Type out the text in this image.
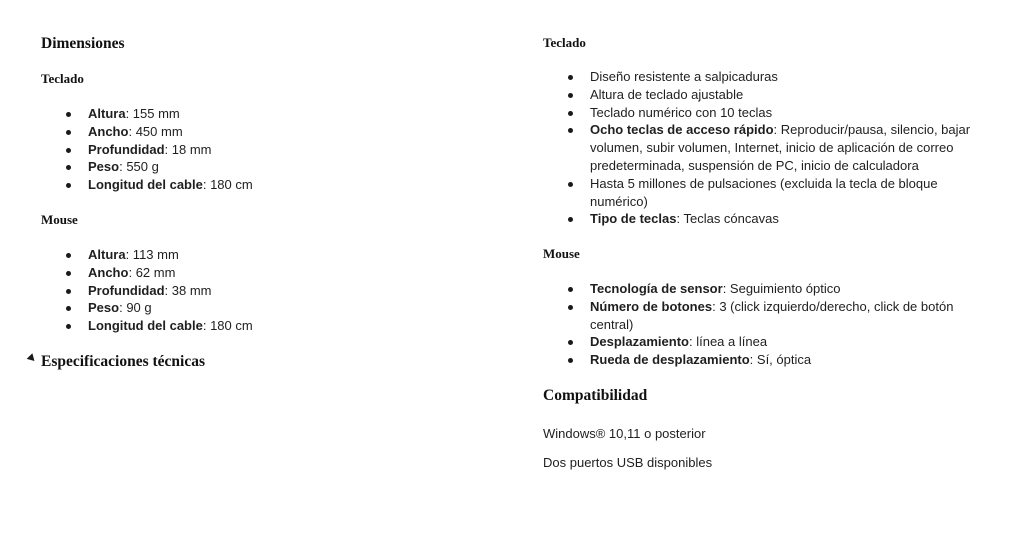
Dimensiones
Teclado
Altura: 155 mm
Ancho: 450 mm
Profundidad: 18 mm
Peso: 550 g
Longitud del cable: 180 cm
Mouse
Altura: 113 mm
Ancho: 62 mm
Profundidad: 38 mm
Peso: 90 g
Longitud del cable: 180 cm
Especificaciones técnicas
Teclado
Diseño resistente a salpicaduras
Altura de teclado ajustable
Teclado numérico con 10 teclas
Ocho teclas de acceso rápido: Reproducir/pausa, silencio, bajar volumen, subir volumen, Internet, inicio de aplicación de correo predeterminada, suspensión de PC, inicio de calculadora
Hasta 5 millones de pulsaciones (excluida la tecla de bloque numérico)
Tipo de teclas: Teclas cóncavas
Mouse
Tecnología de sensor: Seguimiento óptico
Número de botones: 3 (click izquierdo/derecho, click de botón central)
Desplazamiento: línea a línea
Rueda de desplazamiento: Sí, óptica
Compatibilidad

Windows® 10,11 o posterior

Dos puertos USB disponibles
